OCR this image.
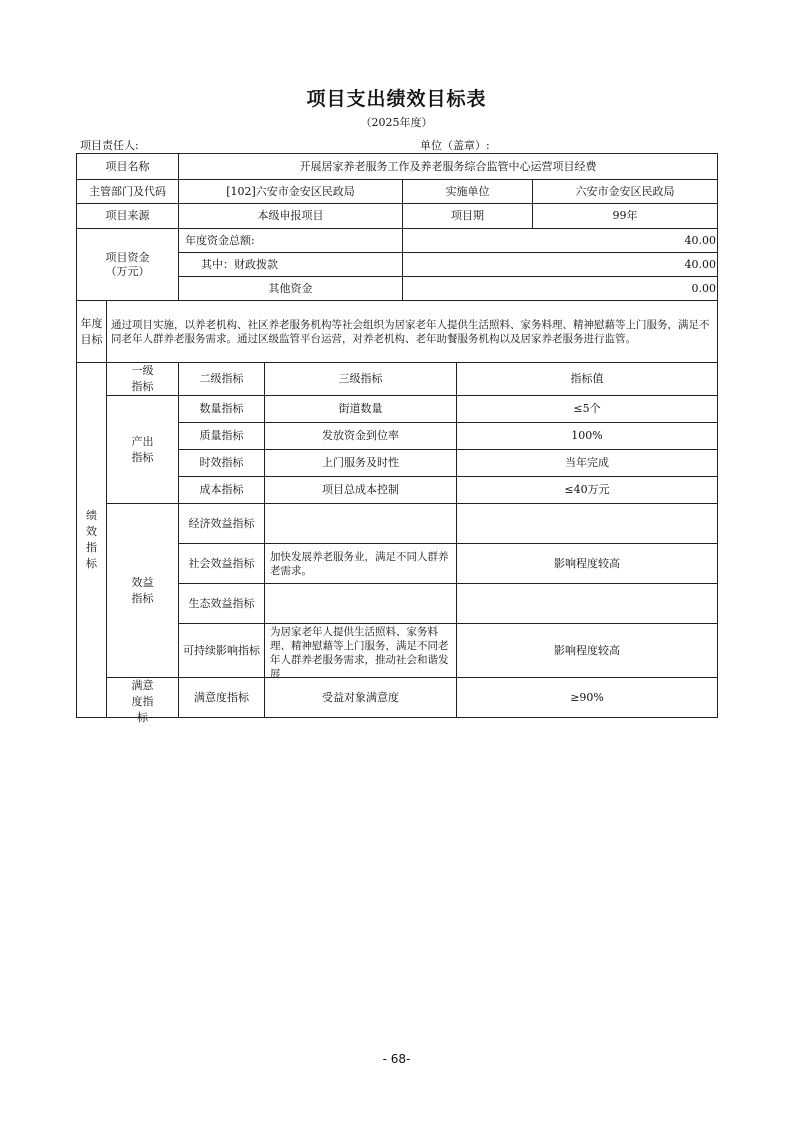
项目支出绩效目标表
（2025年度）
项目责任人:	单位（盖章）:
项目名称		开展居家养老服务工作及养老服务综合监管中心运营项目经费				
主管部门及代码		[102]六安市金安区民政局		实施单位		六安市金安区民政局
项目来源		本级申报项目		项目期		99年

项目资金
（万元）		年度资金总额:		40.00		
		其中：财政拨款		40.00		
		其他资金		0.00		
年度目标	通过项目实施，以养老机构、社区养老服务机构等社会组织为居家老年人提供生活照料、家务料理、精神慰藉等上门服务，满足不同老年人群养老服务需求。通过区级监管平台运营，对养老机构、老年助餐服务机构以及居家养老服务进行监管。					
绩效指标	一级指标	二级指标	三级指标		指标值	
	产出指标	数量指标	街道数量		≤5个	
		质量指标	发放资金到位率		100%	
		时效指标	上门服务及时性		当年完成	
		成本指标	项目总成本控制		≤40万元	
	效益指标	经济效益指标				
		社会效益指标	加快发展养老服务业，满足不同人群养老需求。		影响程度较高	
		生态效益指标				
		可持续影响指标	为居家老年人提供生活照料、家务料理、精神慰藉等上门服务，满足不同老年人群养老服务需求，推动社会和谐发展		影响程度较高	

	满意度指标	满意度指标	受益对象满意度		≥90%	
- 68-
